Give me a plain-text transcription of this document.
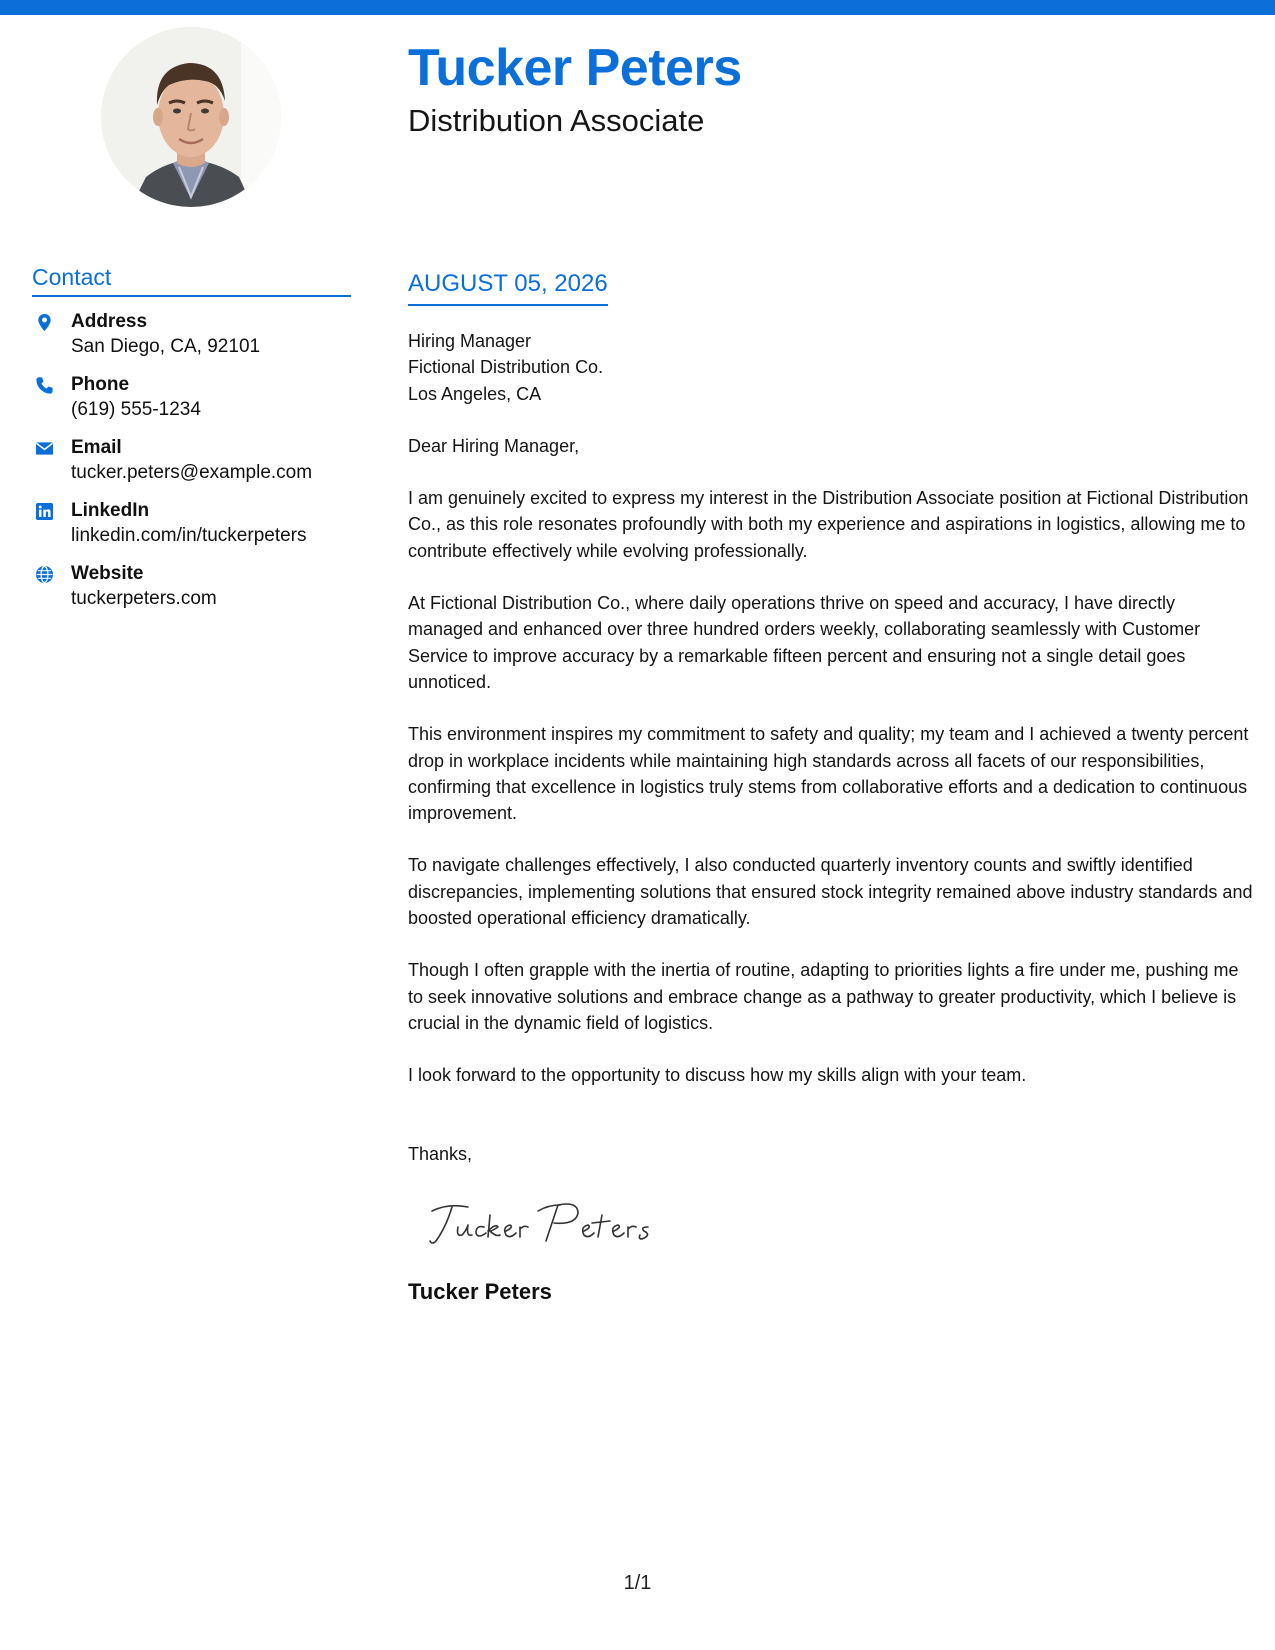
Tucker Peters
Distribution Associate
Contact
Address
San Diego, CA, 92101
Phone
(619) 555-1234
Email
tucker.peters@example.com
LinkedIn
linkedin.com/in/tuckerpeters
Website
tuckerpeters.com
AUGUST 05, 2026

Hiring Manager

Fictional Distribution Co.

Los Angeles, CA

Dear Hiring Manager,

I am genuinely excited to express my interest in the Distribution Associate position at Fictional Distribution Co., as this role resonates profoundly with both my experience and aspirations in logistics, allowing me to contribute effectively while evolving professionally.

At Fictional Distribution Co., where daily operations thrive on speed and accuracy, I have directly managed and enhanced over three hundred orders weekly, collaborating seamlessly with Customer Service to improve accuracy by a remarkable fifteen percent and ensuring not a single detail goes unnoticed.

This environment inspires my commitment to safety and quality; my team and I achieved a twenty percent drop in workplace incidents while maintaining high standards across all facets of our responsibilities, confirming that excellence in logistics truly stems from collaborative efforts and a dedication to continuous improvement.

To navigate challenges effectively, I also conducted quarterly inventory counts and swiftly identified discrepancies, implementing solutions that ensured stock integrity remained above industry standards and boosted operational efficiency dramatically.

Though I often grapple with the inertia of routine, adapting to priorities lights a fire under me, pushing me to seek innovative solutions and embrace change as a pathway to greater productivity, which I believe is crucial in the dynamic field of logistics.

I look forward to the opportunity to discuss how my skills align with your team.

Thanks,

Tucker Peters
1/1
